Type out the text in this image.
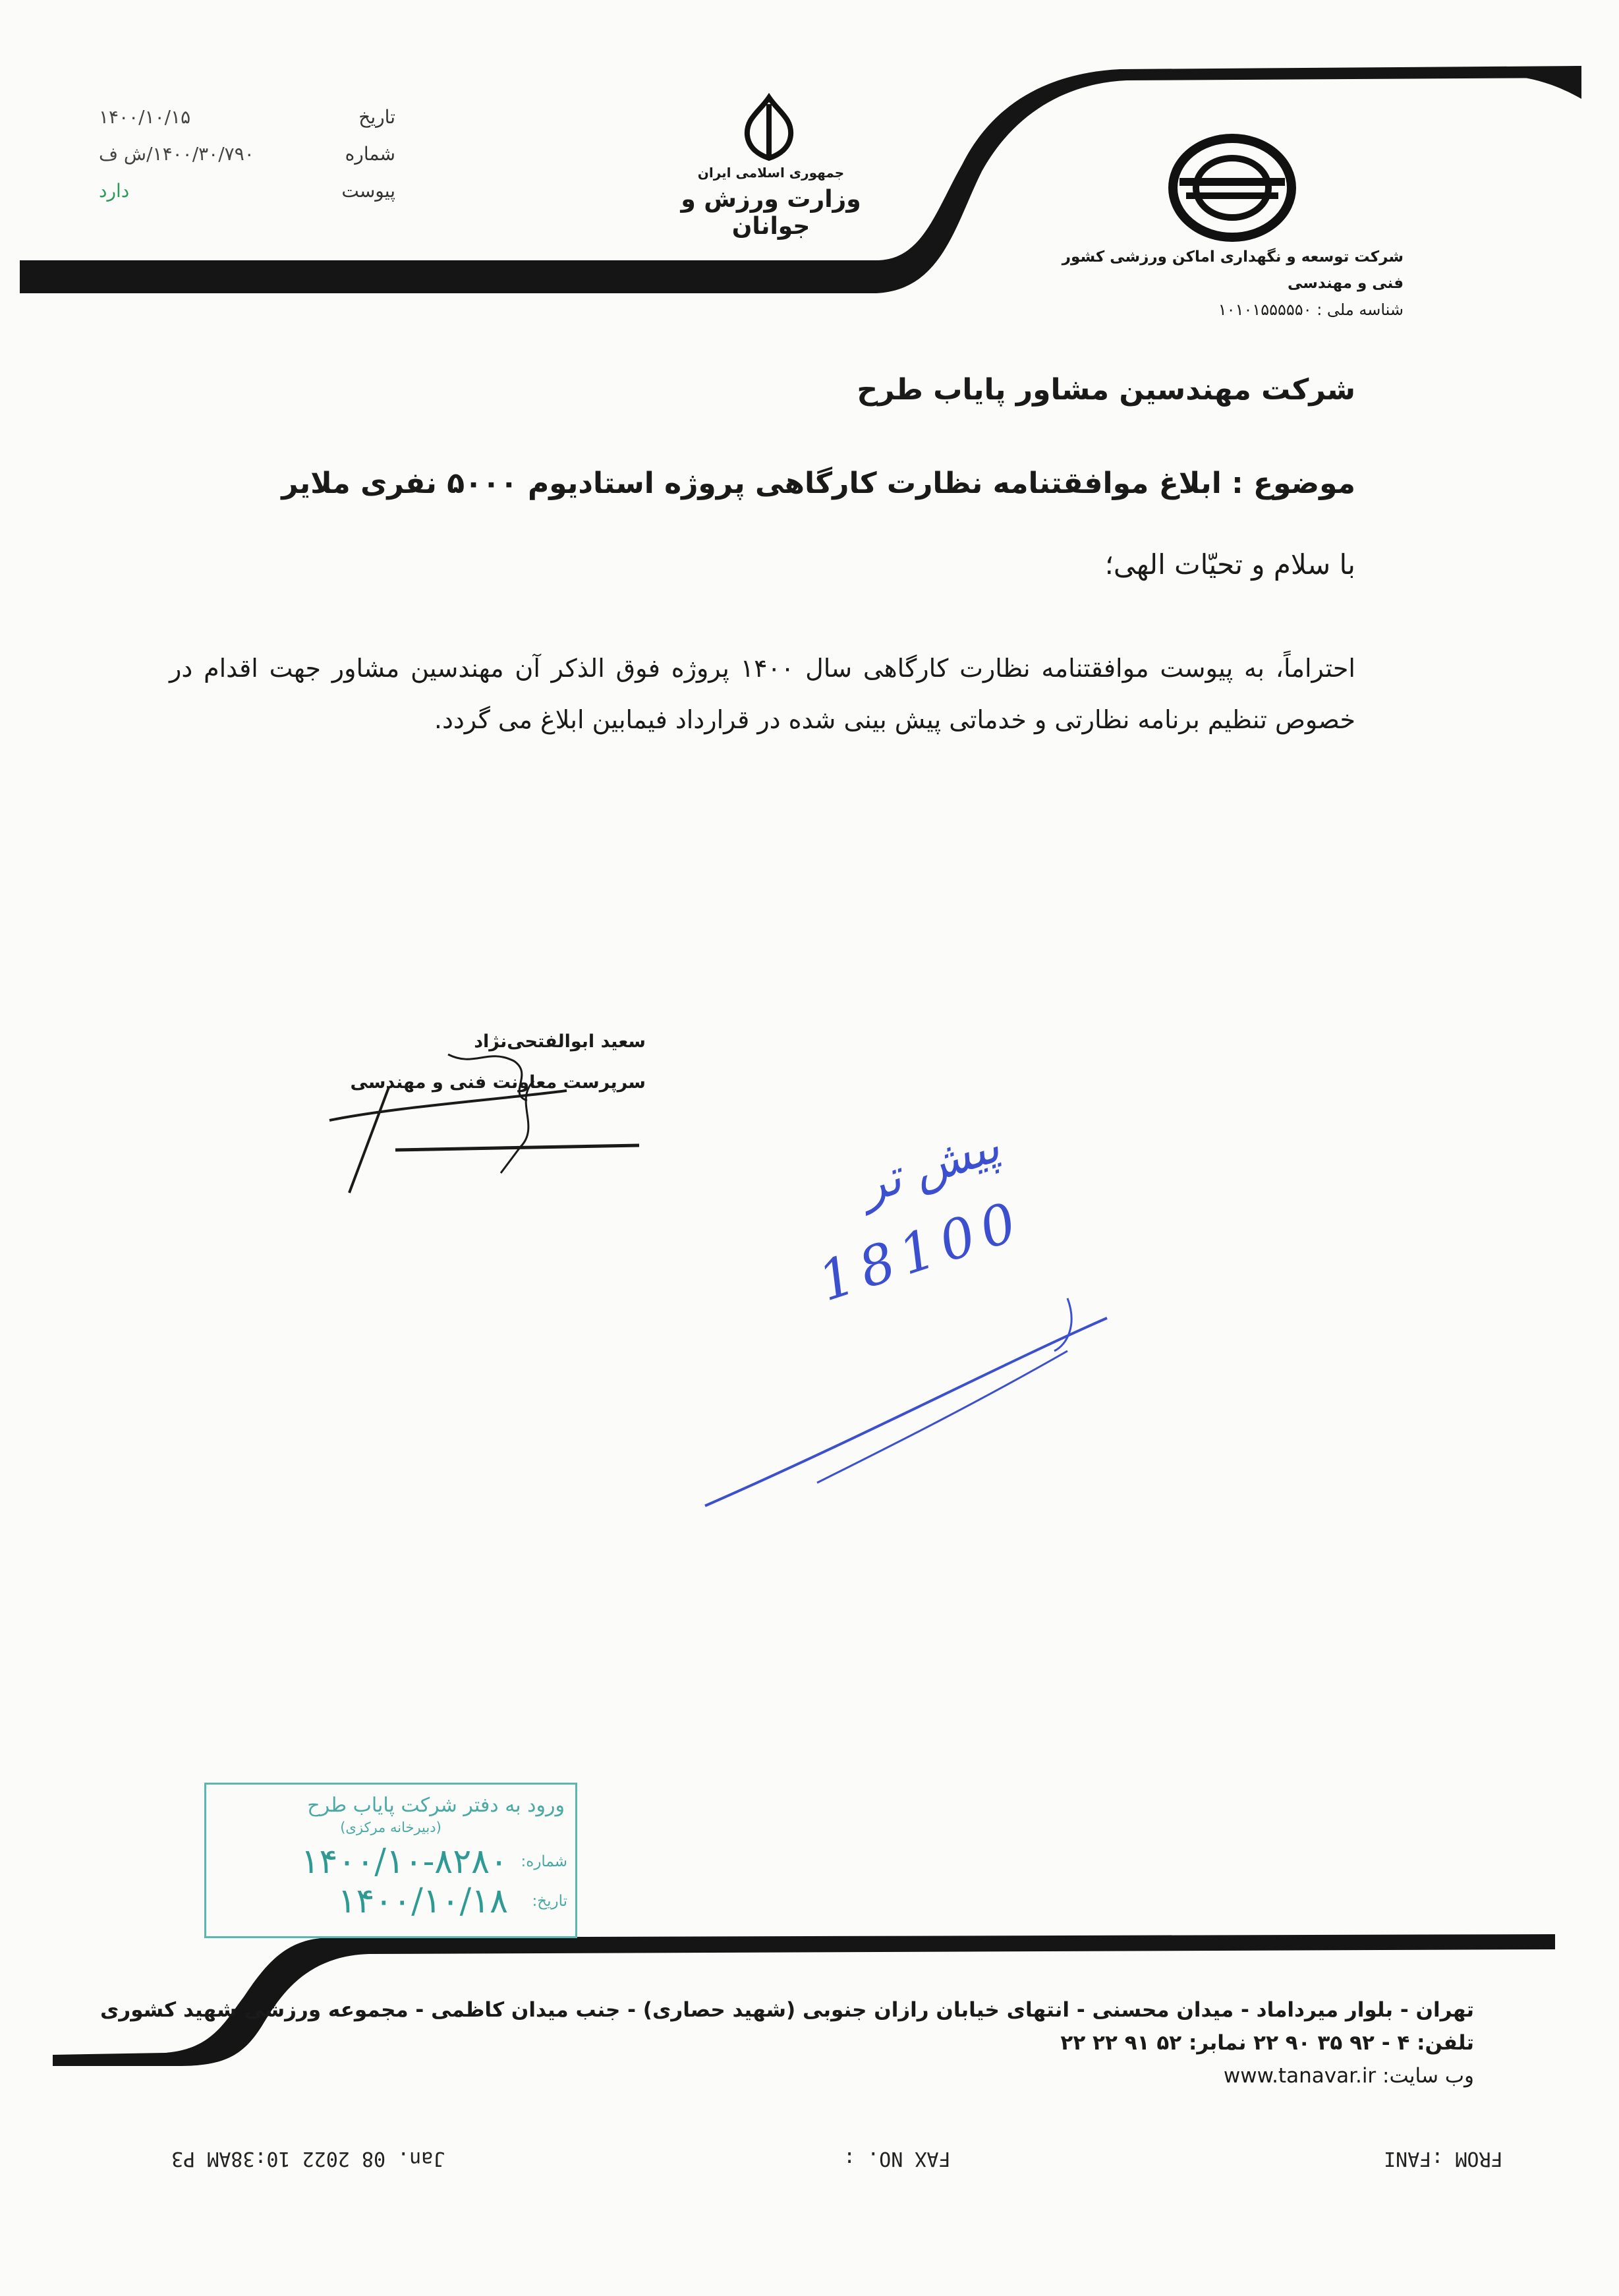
تاریخ
۱۴۰۰/۱۰/۱۵
شماره
۱۴۰۰/۳۰/۷۹۰/ش ف
پیوست
دارد
جمهوری اسلامی ایران
وزارت ورزش و جوانان
شرکت توسعه و نگهداری اماکن ورزشی کشور
فنی و مهندسی
شناسه ملی : ۱۰۱۰۱۵۵۵۵۵۰
شرکت مهندسین مشاور پایاب طرح
موضوع : ابلاغ موافقتنامه نظارت کارگاهی پروژه استادیوم ۵۰۰۰ نفری ملایر
با سلام و تحیّات الهی؛
احتراماً، به پیوست موافقتنامه نظارت کارگاهی سال ۱۴۰۰ پروژه فوق الذکر آن مهندسین مشاور جهت اقدام در خصوص تنظیم برنامه نظارتی و خدماتی پیش بینی شده در قرارداد فیمابین ابلاغ می گردد.
سعید ابوالفتحی‌نژاد
سرپرست معاونت فنی و مهندسی
پیش تر
18100
ورود به دفتر شرکت پایاب طرح
(دبیرخانه مرکزی)
شماره:
۱۴۰۰/۱۰-۸۲۸۰
تاریخ:
۱۴۰۰/۱۰/۱۸
تهران - بلوار میرداماد - میدان محسنی - انتهای خیابان رازان جنوبی (شهید حصاری) - جنب میدان کاظمی - مجموعه ورزشی شهید کشوری
تلفن: ۴ - ۹۲ ۳۵ ۹۰ ۲۲ نمابر: ۵۲ ۹۱ ۲۲ ۲۲
وب سایت: www.tanavar.ir
FROM :FANI
FAX NO. :
Jan. 08 2022 10:38AM P3
